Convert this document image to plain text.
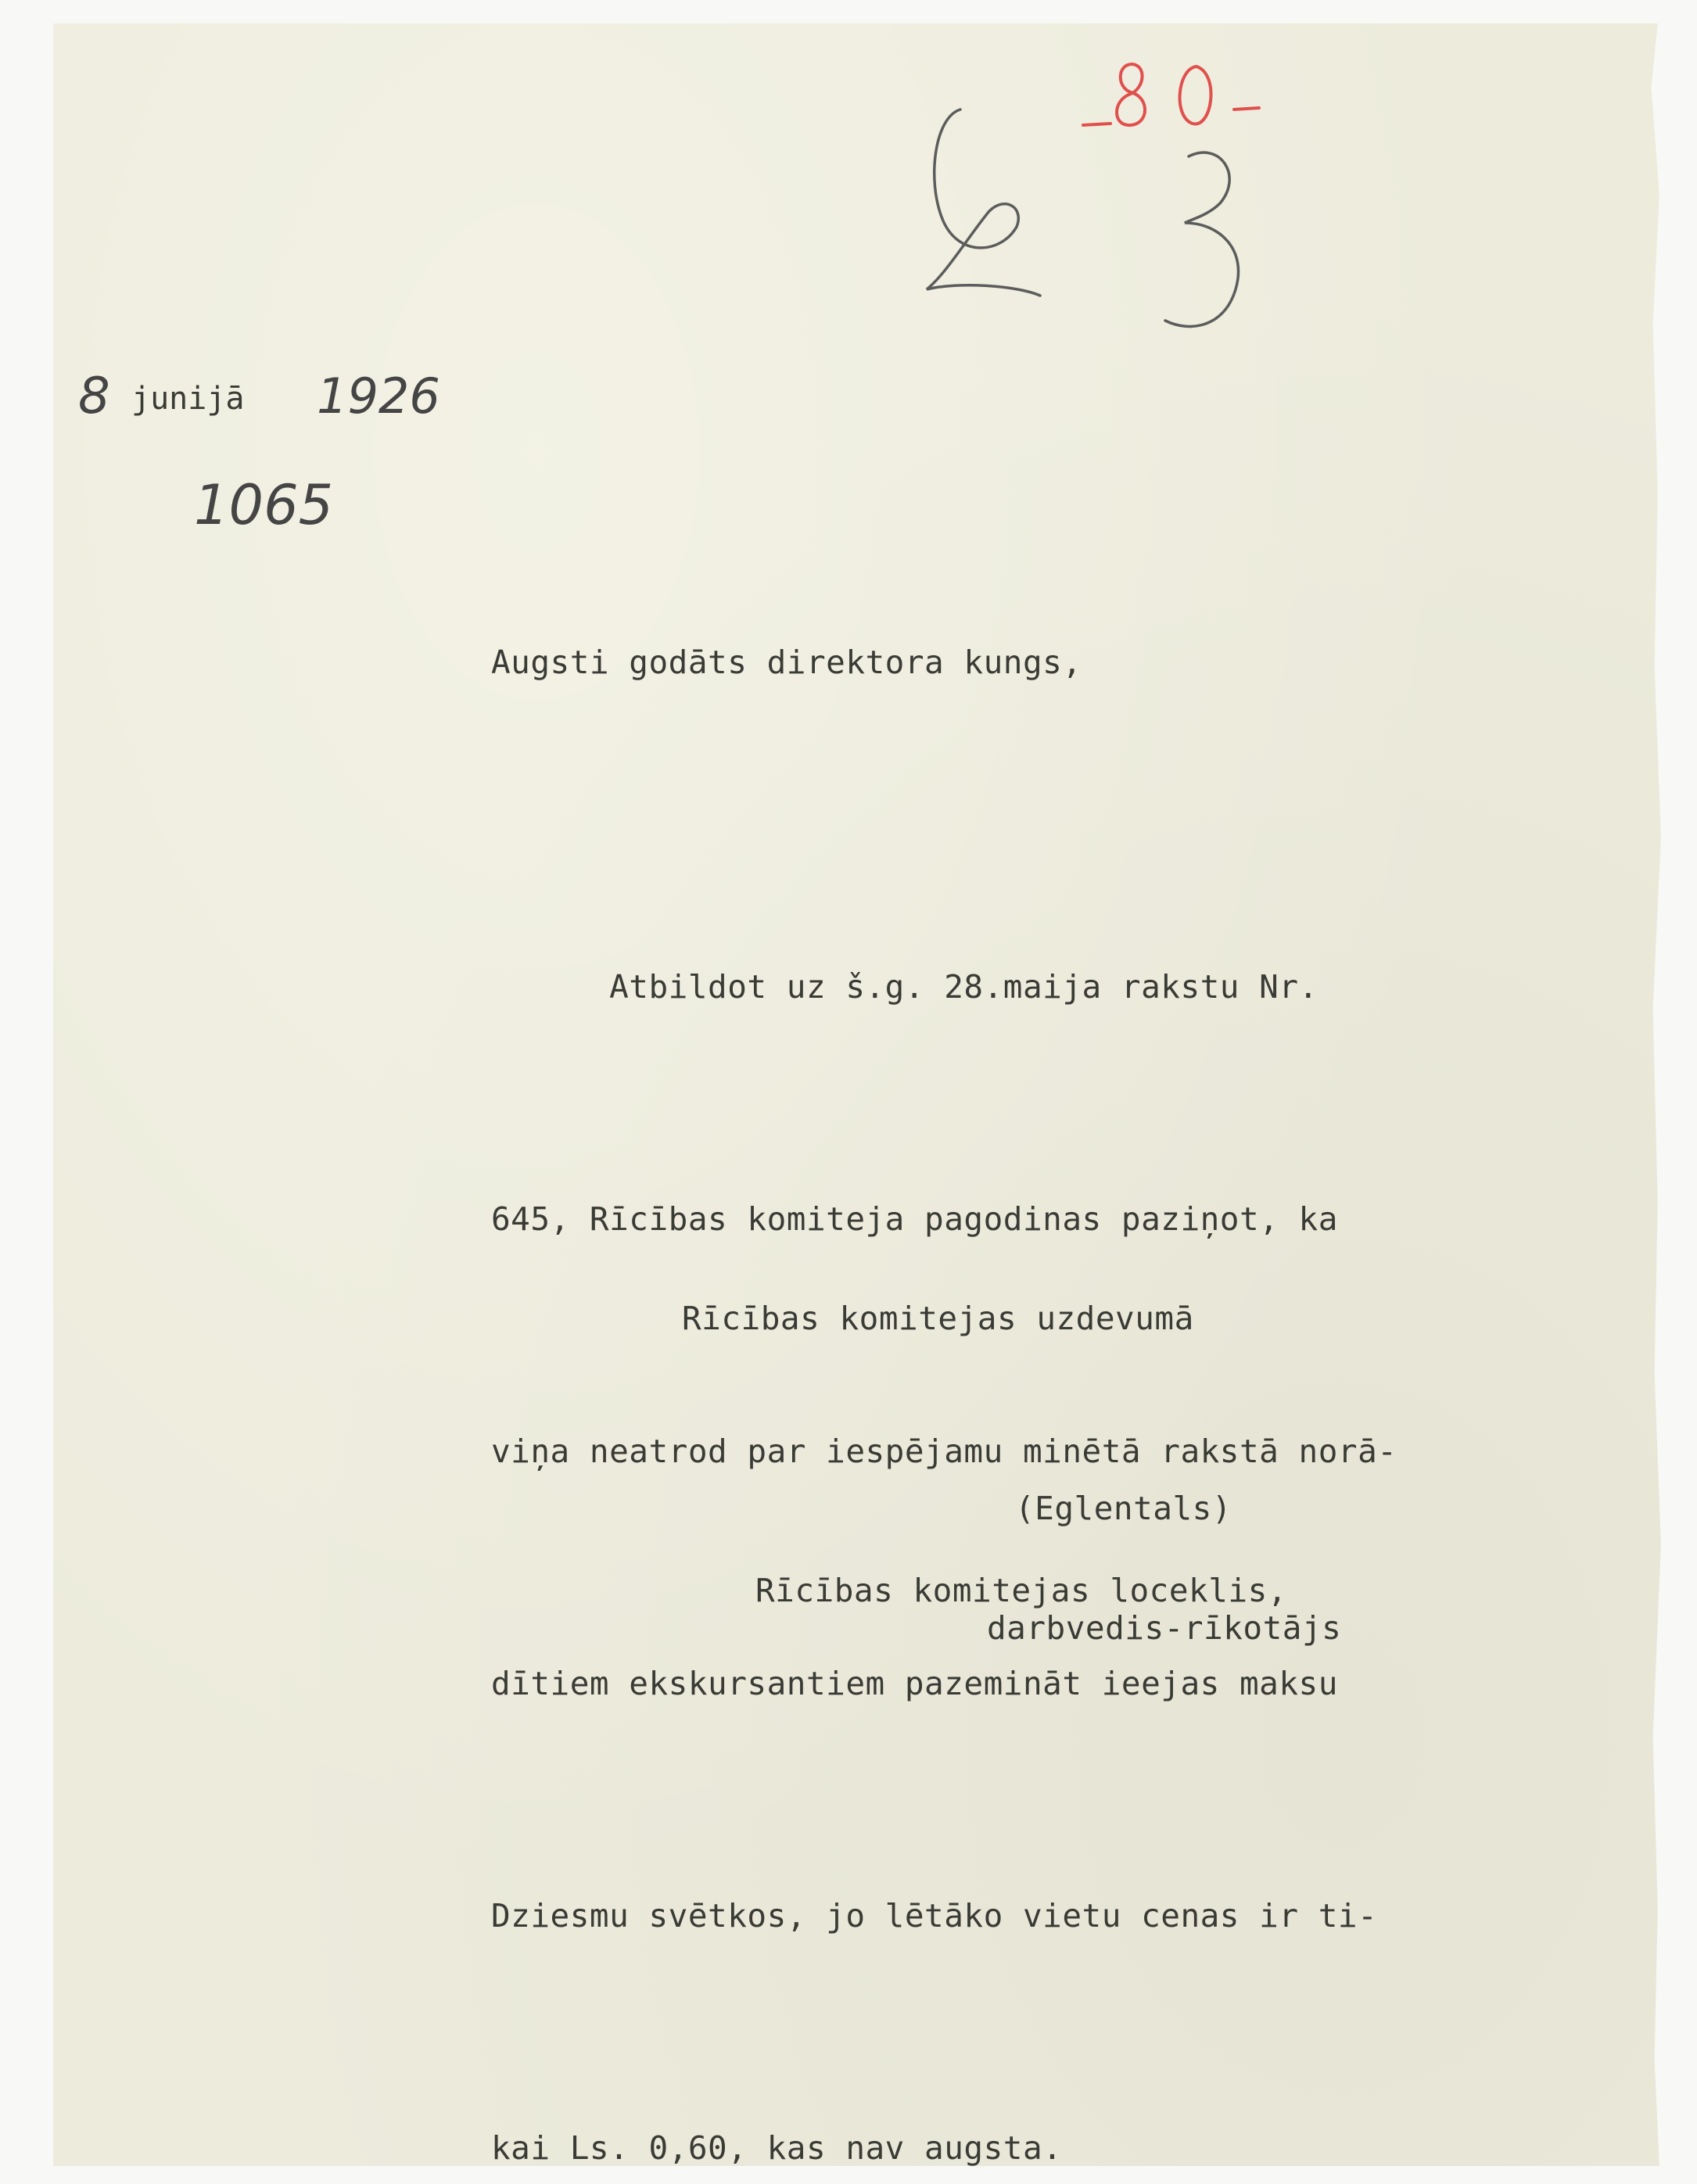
8 junijā 1926
1065
Augsti godāts direktora kungs,

Atbildot uz š.g. 28.maija rakstu Nr.

645, Rīcības komiteja pagodinas paziņot, ka

viņa neatrod par iespējamu minētā rakstā norā-

dītiem ekskursantiem pazemināt ieejas maksu

Dziesmu svētkos, jo lētāko vietu cenas ir ti-

kai Ls. 0,60, kas nav augsta.

Rīcības komitejas uzdevumā
(Eglentals)
Rīcības komitejas loceklis,
darbvedis-rīkotājs
